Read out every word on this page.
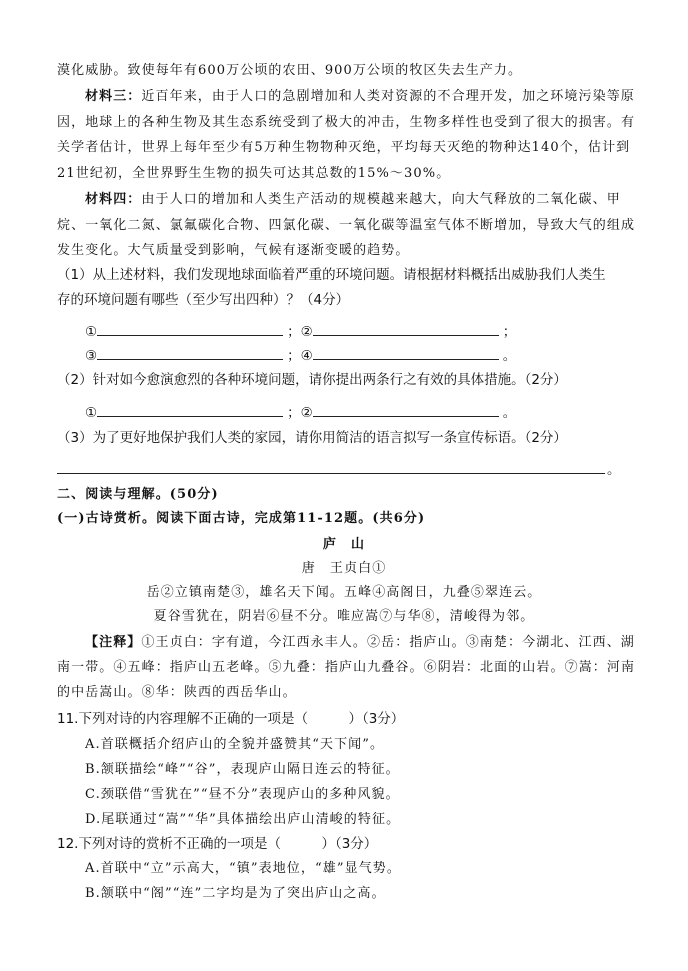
漠化威胁。致使每年有600万公顷的农田、900万公顷的牧区失去生产力。
材料三：近百年来，由于人口的急剧增加和人类对资源的不合理开发，加之环境污染等原
因，地球上的各种生物及其生态系统受到了极大的冲击，生物多样性也受到了很大的损害。有
关学者估计，世界上每年至少有5万种生物物种灭绝，平均每天灭绝的物种达140个，估计到
21世纪初，全世界野生生物的损失可达其总数的15%～30%。
材料四：由于人口的增加和人类生产活动的规模越来越大，向大气释放的二氧化碳、甲
烷、一氧化二氮、氯氟碳化合物、四氯化碳、一氧化碳等温室气体不断增加，导致大气的组成
发生变化。大气质量受到影响，气候有逐渐变暖的趋势。
（1）从上述材料，我们发现地球面临着严重的环境问题。请根据材料概括出威胁我们人类生
存的环境问题有哪些（至少写出四种）？（4分）
①	；②	；
③	；④	。
（2）针对如今愈演愈烈的各种环境问题，请你提出两条行之有效的具体措施。（2分）
①	；②	。
（3）为了更好地保护我们人类的家园，请你用简洁的语言拟写一条宣传标语。（2分）
。
二、阅读与理解。(50分)
(一)古诗赏析。阅读下面古诗，完成第11-12题。(共6分)
庐　山
唐　王贞白①
岳②立镇南楚③，雄名天下闻。五峰④高阁日，九叠⑤翠连云。
夏谷雪犹在，阴岩⑥昼不分。唯应嵩⑦与华⑧，清峻得为邻。
【注释】①王贞白：字有道，今江西永丰人。②岳：指庐山。③南楚：今湖北、江西、湖
南一带。④五峰：指庐山五老峰。⑤九叠：指庐山九叠谷。⑥阴岩：北面的山岩。⑦嵩：河南
的中岳嵩山。⑧华：陕西的西岳华山。
11.下列对诗的内容理解不正确的一项是（　　　）（3分）
A.首联概括介绍庐山的全貌并盛赞其“天下闻”。
B.颔联描绘“峰”“谷”，表现庐山隔日连云的特征。
C.颈联借“雪犹在”“昼不分”表现庐山的多种风貌。
D.尾联通过“嵩”“华”具体描绘出庐山清峻的特征。
12.下列对诗的赏析不正确的一项是（　　　）（3分）
A.首联中“立”示高大，“镇”表地位，“雄”显气势。
B.颔联中“阁”“连”二字均是为了突出庐山之高。
